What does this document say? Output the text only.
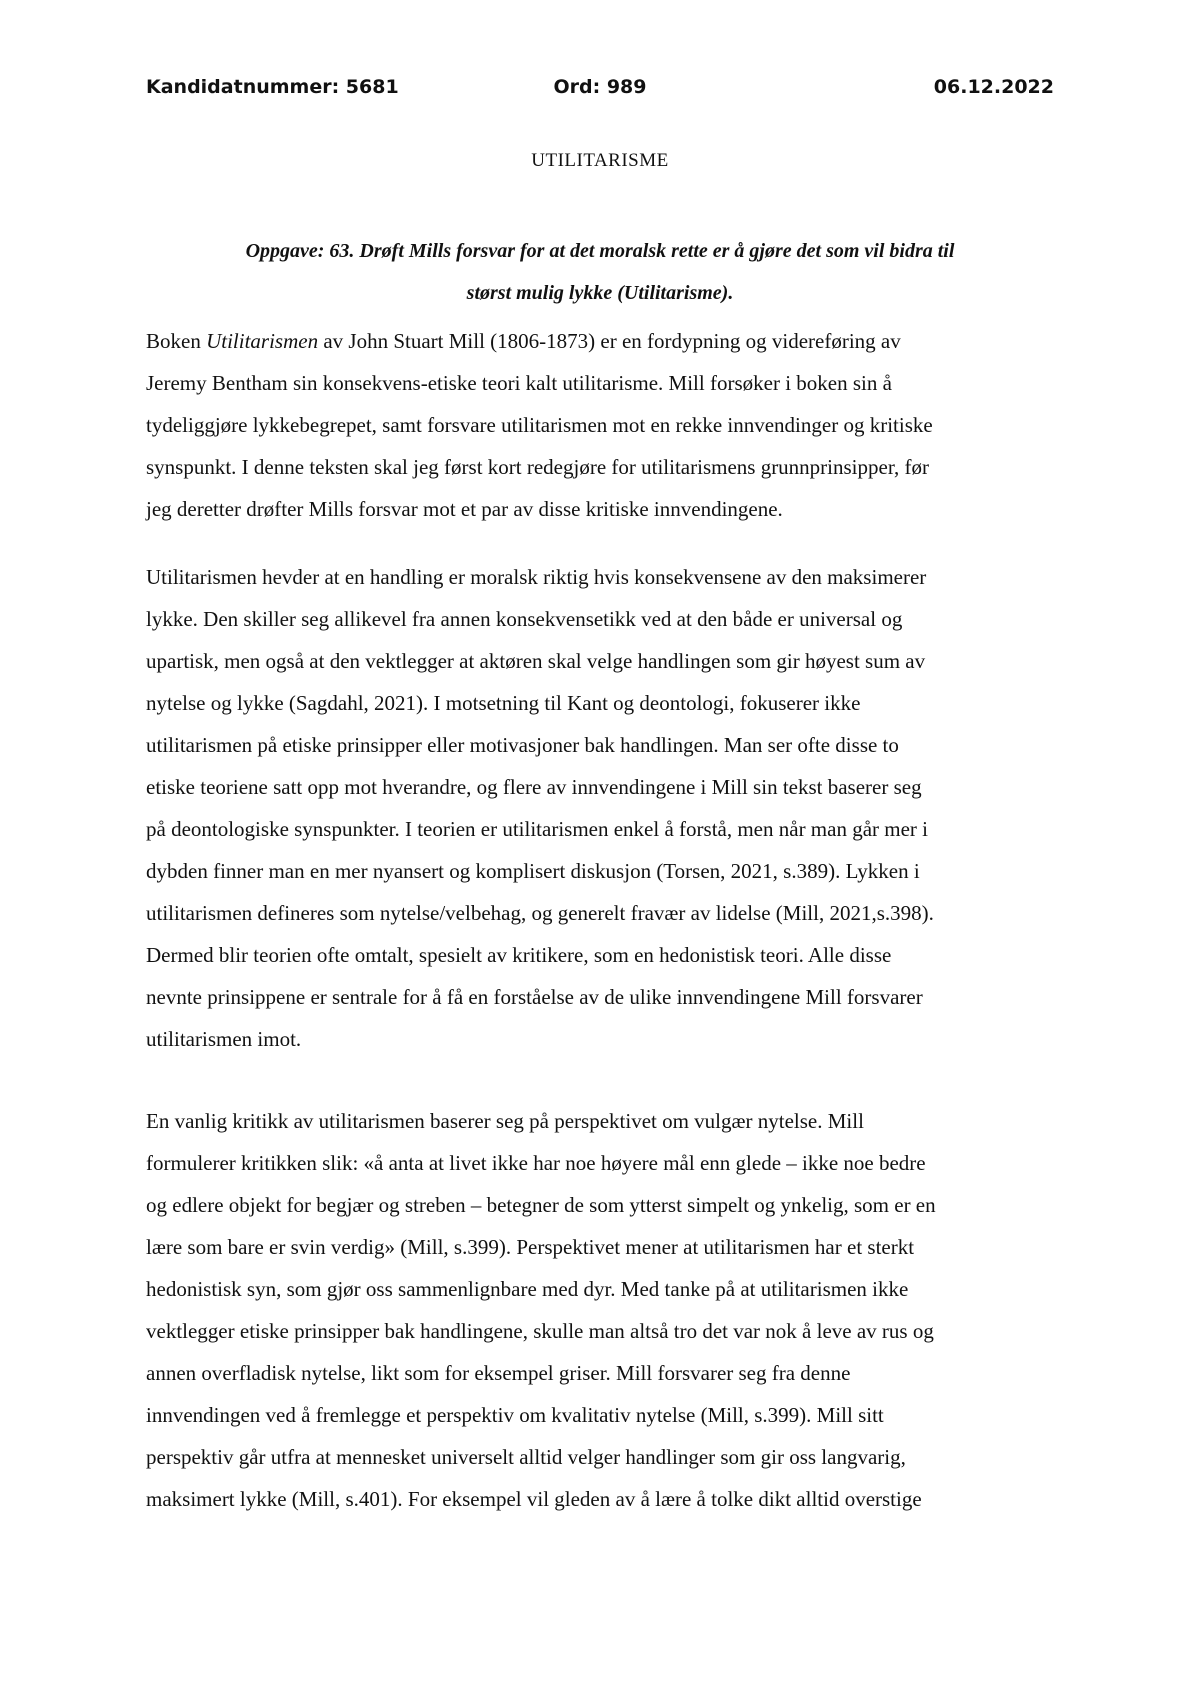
Kandidatnummer: 5681	Ord: 989	06.12.2022
UTILITARISME
Oppgave: 63. Drøft Mills forsvar for at det moralsk rette er å gjøre det som vil bidra til
størst mulig lykke (Utilitarisme).
Boken Utilitarismen av John Stuart Mill (1806-1873) er en fordypning og videreføring av
Jeremy Bentham sin konsekvens-etiske teori kalt utilitarisme. Mill forsøker i boken sin å
tydeliggjøre lykkebegrepet, samt forsvare utilitarismen mot en rekke innvendinger og kritiske
synspunkt. I denne teksten skal jeg først kort redegjøre for utilitarismens grunnprinsipper, før
jeg deretter drøfter Mills forsvar mot et par av disse kritiske innvendingene.
Utilitarismen hevder at en handling er moralsk riktig hvis konsekvensene av den maksimerer
lykke. Den skiller seg allikevel fra annen konsekvensetikk ved at den både er universal og
upartisk, men også at den vektlegger at aktøren skal velge handlingen som gir høyest sum av
nytelse og lykke (Sagdahl, 2021). I motsetning til Kant og deontologi, fokuserer ikke
utilitarismen på etiske prinsipper eller motivasjoner bak handlingen. Man ser ofte disse to
etiske teoriene satt opp mot hverandre, og flere av innvendingene i Mill sin tekst baserer seg
på deontologiske synspunkter. I teorien er utilitarismen enkel å forstå, men når man går mer i
dybden finner man en mer nyansert og komplisert diskusjon (Torsen, 2021, s.389). Lykken i
utilitarismen defineres som nytelse/velbehag, og generelt fravær av lidelse (Mill, 2021,s.398).
Dermed blir teorien ofte omtalt, spesielt av kritikere, som en hedonistisk teori. Alle disse
nevnte prinsippene er sentrale for å få en forståelse av de ulike innvendingene Mill forsvarer
utilitarismen imot.
En vanlig kritikk av utilitarismen baserer seg på perspektivet om vulgær nytelse. Mill
formulerer kritikken slik: «å anta at livet ikke har noe høyere mål enn glede – ikke noe bedre
og edlere objekt for begjær og streben – betegner de som ytterst simpelt og ynkelig, som er en
lære som bare er svin verdig» (Mill, s.399). Perspektivet mener at utilitarismen har et sterkt
hedonistisk syn, som gjør oss sammenlignbare med dyr. Med tanke på at utilitarismen ikke
vektlegger etiske prinsipper bak handlingene, skulle man altså tro det var nok å leve av rus og
annen overfladisk nytelse, likt som for eksempel griser. Mill forsvarer seg fra denne
innvendingen ved å fremlegge et perspektiv om kvalitativ nytelse (Mill, s.399). Mill sitt
perspektiv går utfra at mennesket universelt alltid velger handlinger som gir oss langvarig,
maksimert lykke (Mill, s.401). For eksempel vil gleden av å lære å tolke dikt alltid overstige
